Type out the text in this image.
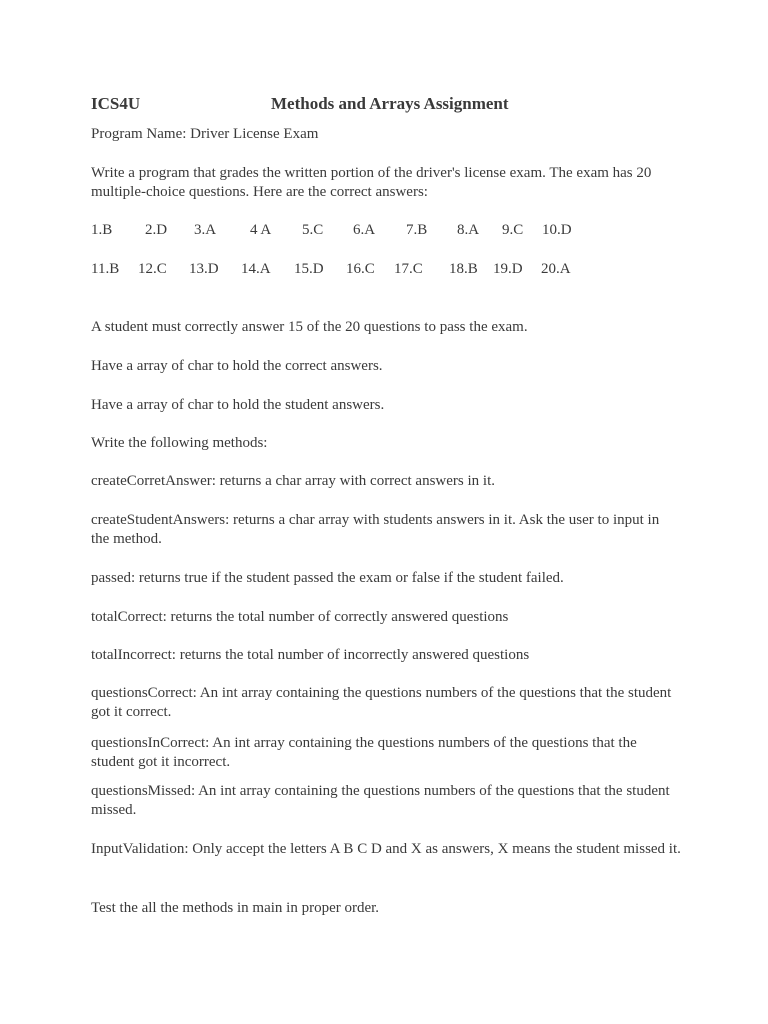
ICS4U	Methods and Arrays Assignment
Program Name: Driver License Exam
Write a program that grades the written portion of the driver's license exam. The exam has 20 multiple-choice questions. Here are the correct answers:
1.B 2.D 3.A 4 A 5.C 6.A 7.B 8.A 9.C 10.D
11.B 12.C 13.D 14.A 15.D 16.C 17.C 18.B 19.D 20.A
A student must correctly answer 15 of the 20 questions to pass the exam.
Have a array of char to hold the correct answers.
Have a array of char to hold the student answers.
Write the following methods:
createCorretAnswer: returns a char array with correct answers in it.
createStudentAnswers: returns a char array with students answers in it. Ask the user to input in the method.
passed: returns true if the student passed the exam or false if the student failed.
totalCorrect: returns the total number of correctly answered questions
totalIncorrect: returns the total number of incorrectly answered questions
questionsCorrect: An int array containing the questions numbers of the questions that the student got it correct.
questionsInCorrect: An int array containing the questions numbers of the questions that the student got it incorrect.
questionsMissed: An int array containing the questions numbers of the questions that the student missed.
InputValidation: Only accept the letters A B C D and X as answers, X means the student missed it.
Test the all the methods in main in proper order.
